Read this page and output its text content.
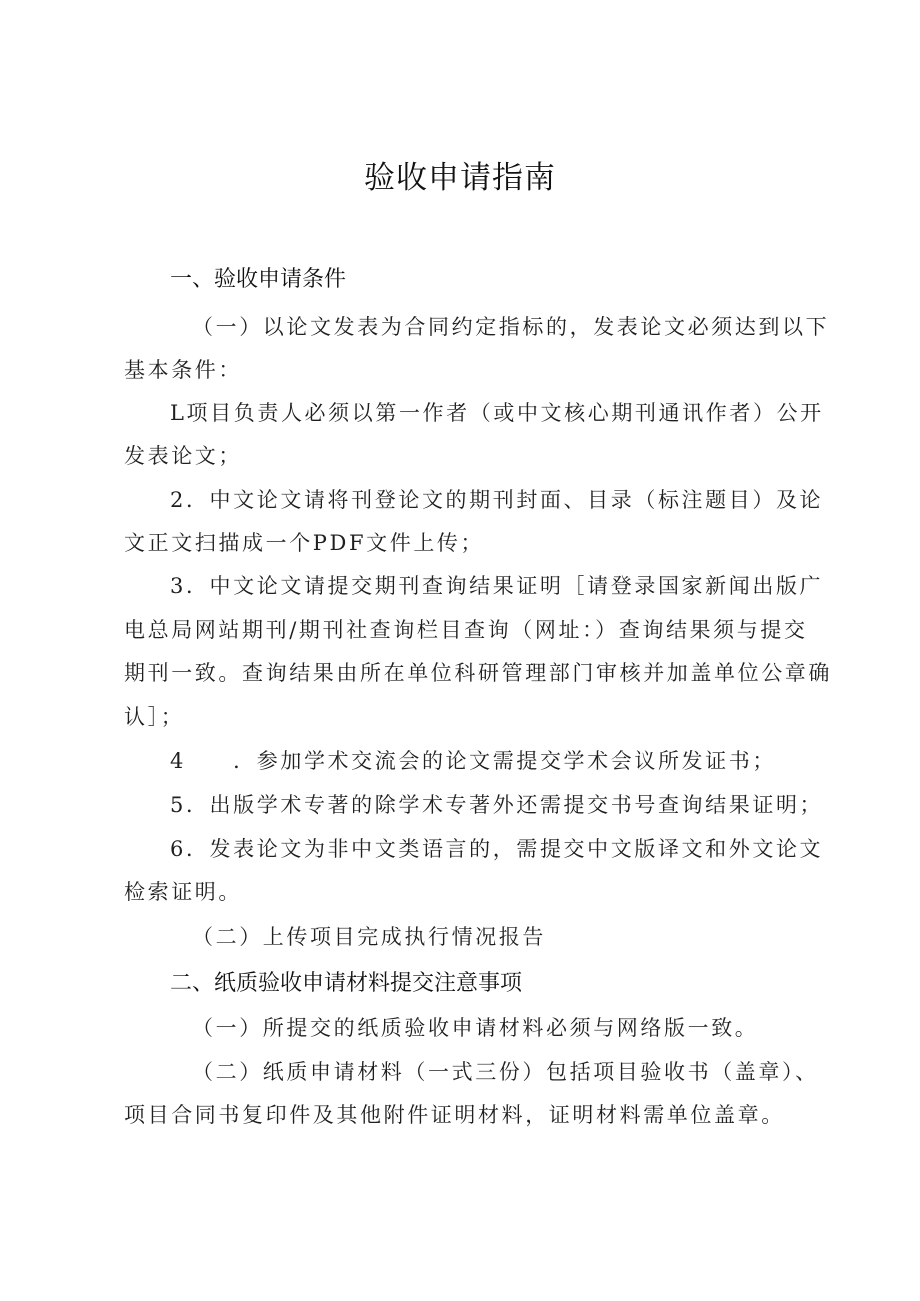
验收申请指南
一、验收申请条件

（一）以论文发表为合同约定指标的，发表论文必须达到以下

基本条件：

L项目负责人必须以第一作者（或中文核心期刊通讯作者）公开

发表论文；

2．中文论文请将刊登论文的期刊封面、目录（标注题目）及论

文正文扫描成一个PDF文件上传；

3．中文论文请提交期刊查询结果证明［请登录国家新闻出版广

电总局网站期刊/期刊社查询栏目查询（网址：）查询结果须与提交

期刊一致。查询结果由所在单位科研管理部门审核并加盖单位公章确

认］；

4　　．参加学术交流会的论文需提交学术会议所发证书；

5．出版学术专著的除学术专著外还需提交书号查询结果证明；

6．发表论文为非中文类语言的，需提交中文版译文和外文论文

检索证明。

（二）上传项目完成执行情况报告

二、纸质验收申请材料提交注意事项

（一）所提交的纸质验收申请材料必须与网络版一致。

（二）纸质申请材料（一式三份）包括项目验收书（盖章）、

项目合同书复印件及其他附件证明材料，证明材料需单位盖章。
